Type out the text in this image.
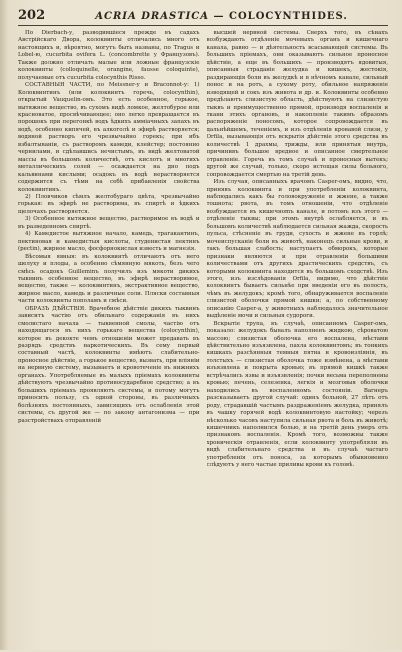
202	ACRIA DRASTICA — COLOCYNTHIDES.

По Dierbach-у, разводившiеся прежде въ садахъ Австрiйскаго Двора, колоквинты отличались много отъ настоящихъ и, вѣроятно, могутъ быть названы, по Tragus и Lobel-ю, cucurbita ovifera L. (concombrette у Французовъ). Также должно отличать малые или ложные французскiе колоквинты (colloquinelle, orangine, fausse coloquinte), получаемые отъ cucurbita colocynthis Risso.

СОСТАВНЫЯ ЧАСТИ, по Meissner-у и Braconnot-у: 1) Колоквинтинъ (или колоквинтъ горечь, colocynthin), открытый Vauquelin-омъ. Это есть особенное, горькое, вытяжное вещество, въ сухомъ видѣ ломкое, желтобурое или красноватое, просвѣчивающее; оно легко превращается въ порошокъ при перегонкѣ водъ ѣдкихъ аммiачныхъ запахъ въ водѣ, особенно кипячей, въ алкоголѣ и эфирѣ растворяется; водяной растворъ его чрезвычайно горекъ; при ибъ взбалтыванiи, съ растворомъ камеди, клейстер; постоянно чернилами, и сдѣлавшись нечистымъ, въ видѣ желтоватой массы въ большомъ количествѣ, отъ кислотъ и многихъ металлическихъ солей — осаждается на дно подъ кальвинами кислыми; осадокъ въ водѣ нерастворяется содержится съ тѣми на себѣ прибавленiя свойства колоквинтинъ.

2) Пловчиков сѣмлъ желтобураго цвѣта, чрезвычайно горькая: въ эфирѣ не растворима, въ спиртѣ и ѣдкихъ щелочахъ растворяется.

3) Особенное вытяжное вещество, растворимое въ водѣ и въ разведенномъ спиртѣ.

4) Камедистое вытяжное начало, камедь, трагакантинъ, пектиновая и камедистыя кислоты, студенистая пектинъ (pectin), жирное масло, фосфорнокислая известь и магнезiя.

Вѣсомыя явныя: въ колоквинтѣ отличаютъ отъ него шелуху и плоды, а особенно сѣмянную мякоть, безъ чего смѣсь осадокъ Guilleminъ получилъ изъ мякоти дикихъ тыквинъ особенное вещество, въ эфирѣ нерастворимое, вещество, также — колоквинтинъ, экстрактивное вещество, жирное масло, камедь и различные соли. Пляски составныя части колоквинты пополамъ и смѣси.

ОБРАЗЪ ДѢЙСТВIЯ. Врачебное дѣйствiе дикихъ тыквинъ зависитъ частiю отъ обильнаго содержанiя въ нихъ смолистаго начала — тыквенной смолы, частiю отъ находящагося въ нихъ горькаго вещества (colocynthin), которое въ декокте чемъ отношенiи может предавать въ разрядъ средствъ наркотическихъ. Въ сему первый составный частѣ, колоквинты имѣютъ слабительно-проносное дѣйствiе, а горькое вещество, вызвать, при влiянiи на нервную систему, вызываетъ и кровотеченiе въ нижнихъ органахъ. Употребляемые въ малыхъ прiемахъ колоквинты дѣйствуютъ чрезвычайно противосударебное средство; а въ большихъ прiемахъ проявляютъ системы, и потому могутъ приносить пользу, съ одной стороны, въ различныхъ болѣзняхъ постоянныхъ, зависящихъ отъ ослабленiя этой системы, съ другой же — по закону антагонизма — при разстройствахъ отправленiй

высшей нервной системы. Сверхъ того, въ сѣнахъ возбуждають отдѣленiе мочевыхъ органъ и кишечнаго канала, равно — и дѣятельность всасывающей системы. Въ большихъ прiемахъ, они оказываютъ сильное проносное дѣйствiе, а еще въ большихъ — производятъ ядовитыя, описанныя страданiе желудка и кишекъ, жестокiя, раздирающiя боли въ желудкѣ и в нѣчномъ канале, сильный понос и на ротъ, а сухому роту, обильное напряженiе изводящей и сокъ изъ живота и др. и. Колоквинты особенно предѣлаютъ слизистую область, дѣйствуютъ на слизистую тыквъ и преимущественно прямой, производя воспаленiя и ткани этихъ органовъ, и накопленiе такимъ образомъ распоряженiе поносомъ, которое сопровождается въ дальнѣйшемъ, теченiемъ, и изъ отдѣленiя кровавой слизи, у Orfila, вызывающiя отъ вскрытiя дѣйствiе этого средства въ количествѣ 1 драхмы, трижды, или принятыя внутрь, причинивъ большое вредное и описанное смертельное отравленiе. Горечь въ томъ случаѣ и проносныя вытекъ; другой же случай, только, скоро истощая силы больного, сопровождается смертью на третiй день.

Изъ случая, описанныхъ врачомъ Casper-омъ, видно, что, принявъ колоквинта и при употребленiи колоквинта, наблюдались какъ бы головокруженiе и жжене, а также тошнота; рвота, въ томъ отношенiи, что отдѣленiе возбуждается въ кишечнomъ канале, и потомъ изъ этого — отдѣленiе тыквы; при этомъ внутрѣ ослабляется, и въ большомъ количествѣ наблюдается сильная жажда, скорость пульса, стѣсненiе въ груди, сухость и жжене въ горлѣ; мочеиспусканiе боли въ животѣ, наконецъ сильные крови, и такъ большая слабость; наступаетъ обморокъ, которые признаки являются и при отравленiи большими количествами отъ другихъ драстическихъ средствъ, съ которыми колоквинта находится въ большомъ сходствѣ. Изъ этого, изъ изслѣдованiя Orfila, видимо, что дѣйствiе колоквинтъ бываетъ сильнѣе при введенiи его въ полость, чѣмъ въ желудокъ; кромѣ того, обнаруживается воспаленiе слизистой оболочки прямой кишки; а, по собственному описанiю Casper-а, у животныхъ наблюдалось значительное выдѣленiе мочи и сильныя судороги.

Вскрытiе трупа, въ случаѣ, описанномъ Casper-омъ, показало: желудокъ бывалъ наполненъ жидкою, сѣроватою массою; слизистая оболочка его воспалена, мѣстами дѣйствительно изъязвлена, пахла колоквинтомъ; въ тонкихъ кишкахъ разсѣянныя темныя пятна и кровоизлiянiя, въ толстыхъ — слизистая оболочка тоже измѣнена, а мѣстами изъязвлена и покрыта кровью; въ прямой кишкѣ также встрѣчались язвы и изъязвленiя; почки весьма переполнены кровью; печень, селезенка, легкiя и мозговыя оболочки находились въ воспаленномъ состоянiи. Вагнеръ разсказываетъ другой случай: одинъ больной, 27 лѣтъ отъ роду, страдавшiй частымъ раздраженiемъ желудка, принялъ въ чашку горячей водѣ колоквинтовую настойку; черезъ нѣсколько часовъ наступила сильная рвота и боль въ животѣ; кишечникъ наполнился болью, и на третiй день умеръ отъ признаковъ воспаленiя. Кромѣ того, возможны также хроническiя отравленiя, если колоквинту употребляли въ видѣ слабительнаго средства и въ случаѣ частаго употребленiя отъ поноса, за которымъ обыкновенно слѣдуютъ у него частые приливы крови къ головѣ.
